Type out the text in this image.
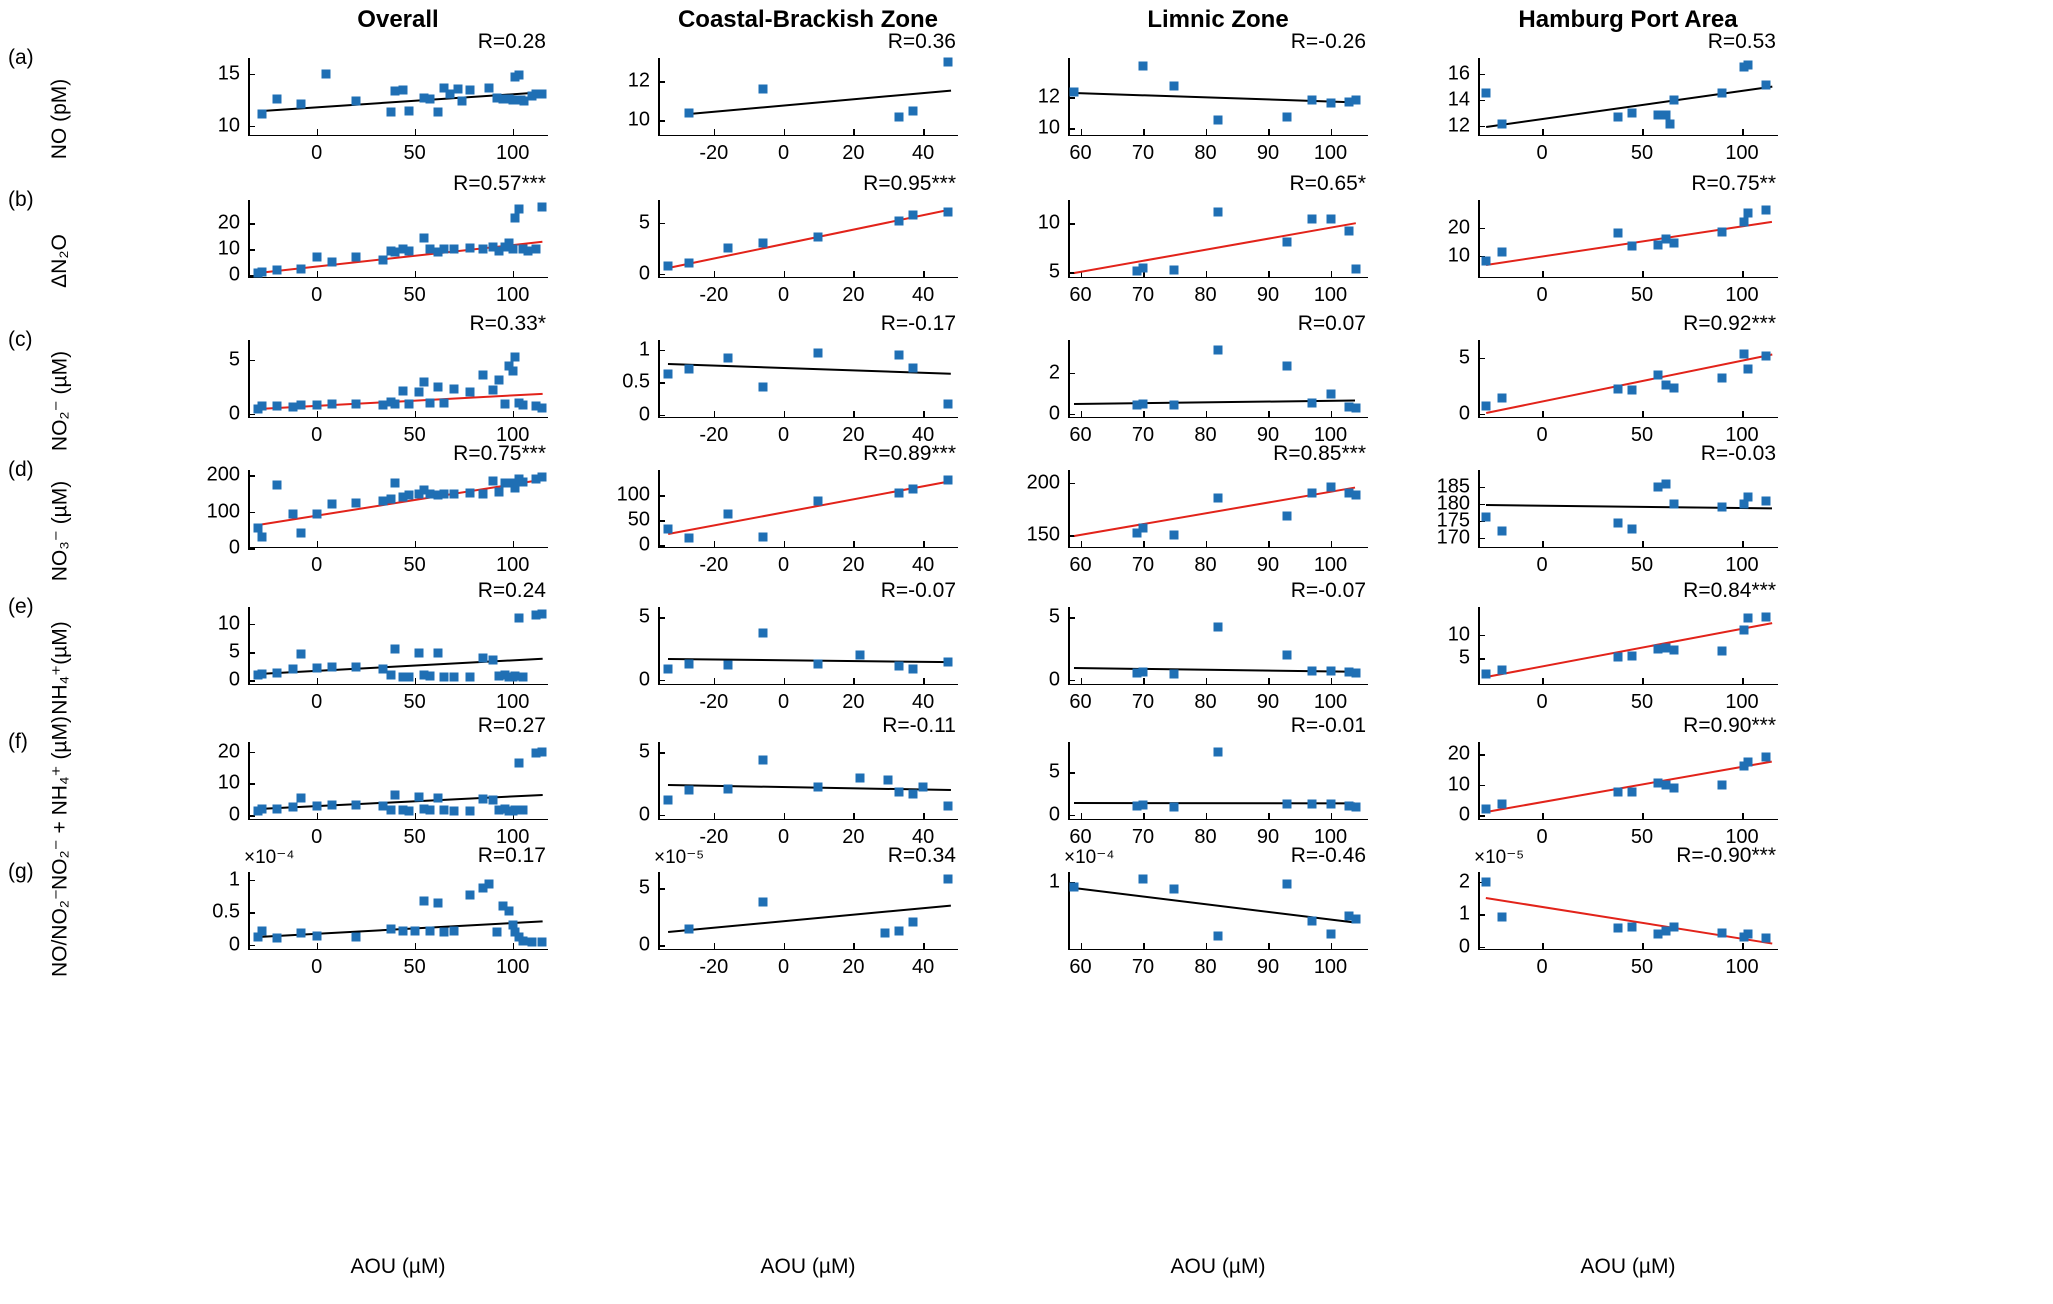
Overall	Coastal-Brackish Zone	Limnic Zone	Hamburg Port Area
(a)
NO (pM)
(b)
ΔN₂O
(c)
NO₂⁻ (µM)
(d)
NO₃⁻ (µM)
(e)
NH₄⁺(µM)
(f) NO₂⁻ + NH₄⁺ (µM)
(g)
NO/NO₂⁻
0	50	100
10
15
R=0.28
-20 0	20 40
10
12
R=0.36
60 70 80 90 100
10
12
R=-0.26
0	50	100
12
14
16
R=0.53
0	50	100
0
10
20
R=0.57***
-20 0	20 40
0
5
R=0.95***
60 70 80 90 100
5
10
R=0.65*
0	50	100
10
20
R=0.75**
0	50	100
0
5
R=0.33*
-20 0	20 40
0
0.5
1
R=-0.17
60 70 80 90 100
0
2
R=0.07
0	50	100
0
5
R=0.92***
0	50	100
0
100
200
R=0.75***
-20 0	20 40
0
50
100
R=0.89***
60 70 80 90 100
150
200
R=0.85***
0	50	100
170
175
180
185
R=-0.03
0	50	100
0
5
10
R=0.24
-20 0	20 40
0
5
R=-0.07
60 70 80 90 100
0
5
R=-0.07
0	50	100
5
10
R=0.84***
0	50	100
0
10
20
R=0.27
-20 0	20 40
0
5
R=-0.11
60 70 80 90 100
0
5
R=-0.01
0	50	100
0
10
20
R=0.90***
0	50	100
0
0.5
1
×10⁻⁴	R=0.17
-20 0	20 40
0
5
×10⁻⁵	R=0.34
60 70 80 90 100
1
×10⁻⁴	R=-0.46
0	50	100
0
1
2
×10⁻⁵	R=-0.90***
AOU (µM)	AOU (µM)	AOU (µM)	AOU (µM)
